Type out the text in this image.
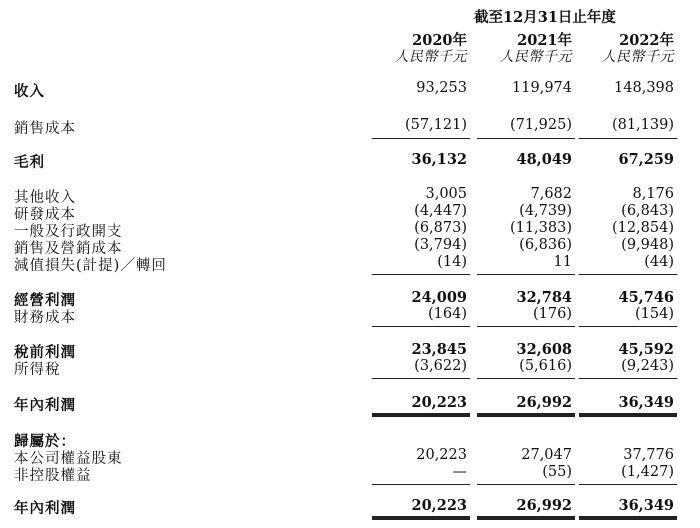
截至12月31日止年度
2020年	2021年	2022年
人民幣千元	人民幣千元	人民幣千元
收入	93,253	119,974	148,398
銷售成本	(57,121)	(71,925)	(81,139)
毛利	36,132	48,049	67,259
其他收入	3,005	7,682	8,176
研發成本	(4,447)	(4,739)	(6,843)
一般及行政開支	(6,873)	(11,383)	(12,854)
銷售及營銷成本	(3,794)	(6,836)	(9,948)
減值損失(計提)／轉回	(14)	11	(44)
經營利潤	24,009	32,784	45,746
財務成本	(164)	(176)	(154)
稅前利潤	23,845	32,608	45,592
所得稅	(3,622)	(5,616)	(9,243)
年內利潤	20,223	26,992	36,349
歸屬於：
本公司權益股東	20,223	27,047	37,776
非控股權益	—	(55)	(1,427)
年內利潤	20,223	26,992	36,349
